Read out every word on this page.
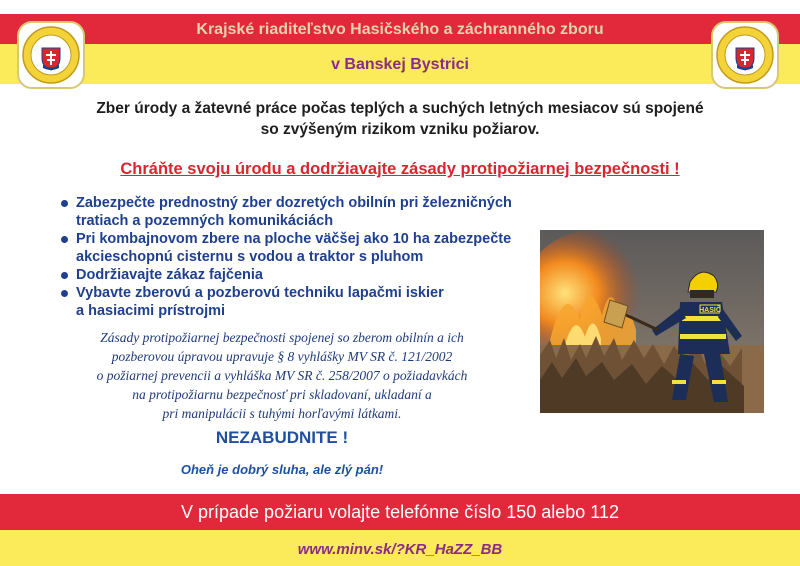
Krajské riaditeľstvo Hasičského a záchranného zboru
v Banskej Bystrici
Zber úrody a žatevné práce počas teplých a suchých letných mesiacov sú spojené
so zvýšeným rizikom vzniku požiarov.
Chráňte svoju úrodu a dodržiavajte zásady protipožiarnej bezpečnosti !
Zabezpečte prednostný zber dozretých obilnín pri železničných
tratiach a pozemných komunikáciách
Pri kombajnovom zbere na ploche väčšej ako 10 ha zabezpečte
akcieschopnú cisternu s vodou a traktor s pluhom
Dodržiavajte zákaz fajčenia
Vybavte zberovú a pozberovú techniku lapačmi iskier
a hasiacimi prístrojmi
Zásady protipožiarnej bezpečnosti spojenej so zberom obilnín a ich
pozberovou úpravou upravuje § 8 vyhlášky MV SR č. 121/2002
o požiarnej prevencii a vyhláška MV SR č. 258/2007 o požiadavkách
na protipožiarnu bezpečnosť pri skladovaní, ukladaní a
pri manipulácii s tuhými horľavými látkami.
NEZABUDNITE !
Oheň je dobrý sluha, ale zlý pán!
HASIČ
V prípade požiaru volajte telefónne číslo 150 alebo 112
www.minv.sk/?KR_HaZZ_BB
